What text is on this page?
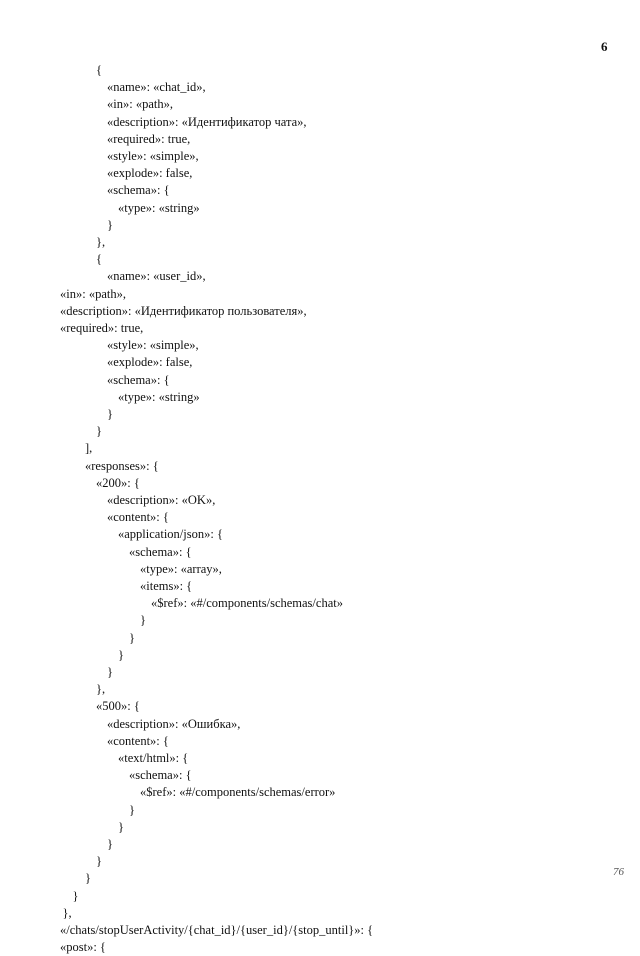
6
{
«name»: «chat_id»,
«in»: «path»,
«description»: «Идентификатор чата»,
«required»: true,
«style»: «simple»,
«explode»: false,
«schema»: {
«type»: «string»
}
},
{
«name»: «user_id»,
«in»: «path»,
«description»: «Идентификатор пользователя»,
«required»: true,
«style»: «simple»,
«explode»: false,
«schema»: {
«type»: «string»
}
}
],
«responses»: {
«200»: {
«description»: «OK»,
«content»: {
«application/json»: {
«schema»: {
«type»: «array»,
«items»: {
«$ref»: «#/components/schemas/chat»
}
}
}
}
},
«500»: {
«description»: «Ошибка»,
«content»: {
«text/html»: {
«schema»: {
«$ref»: «#/components/schemas/error»
}
}
}
}
}
}
},
«/chats/stopUserActivity/{chat_id}/{user_id}/{stop_until}»: {
«post»: {
76
